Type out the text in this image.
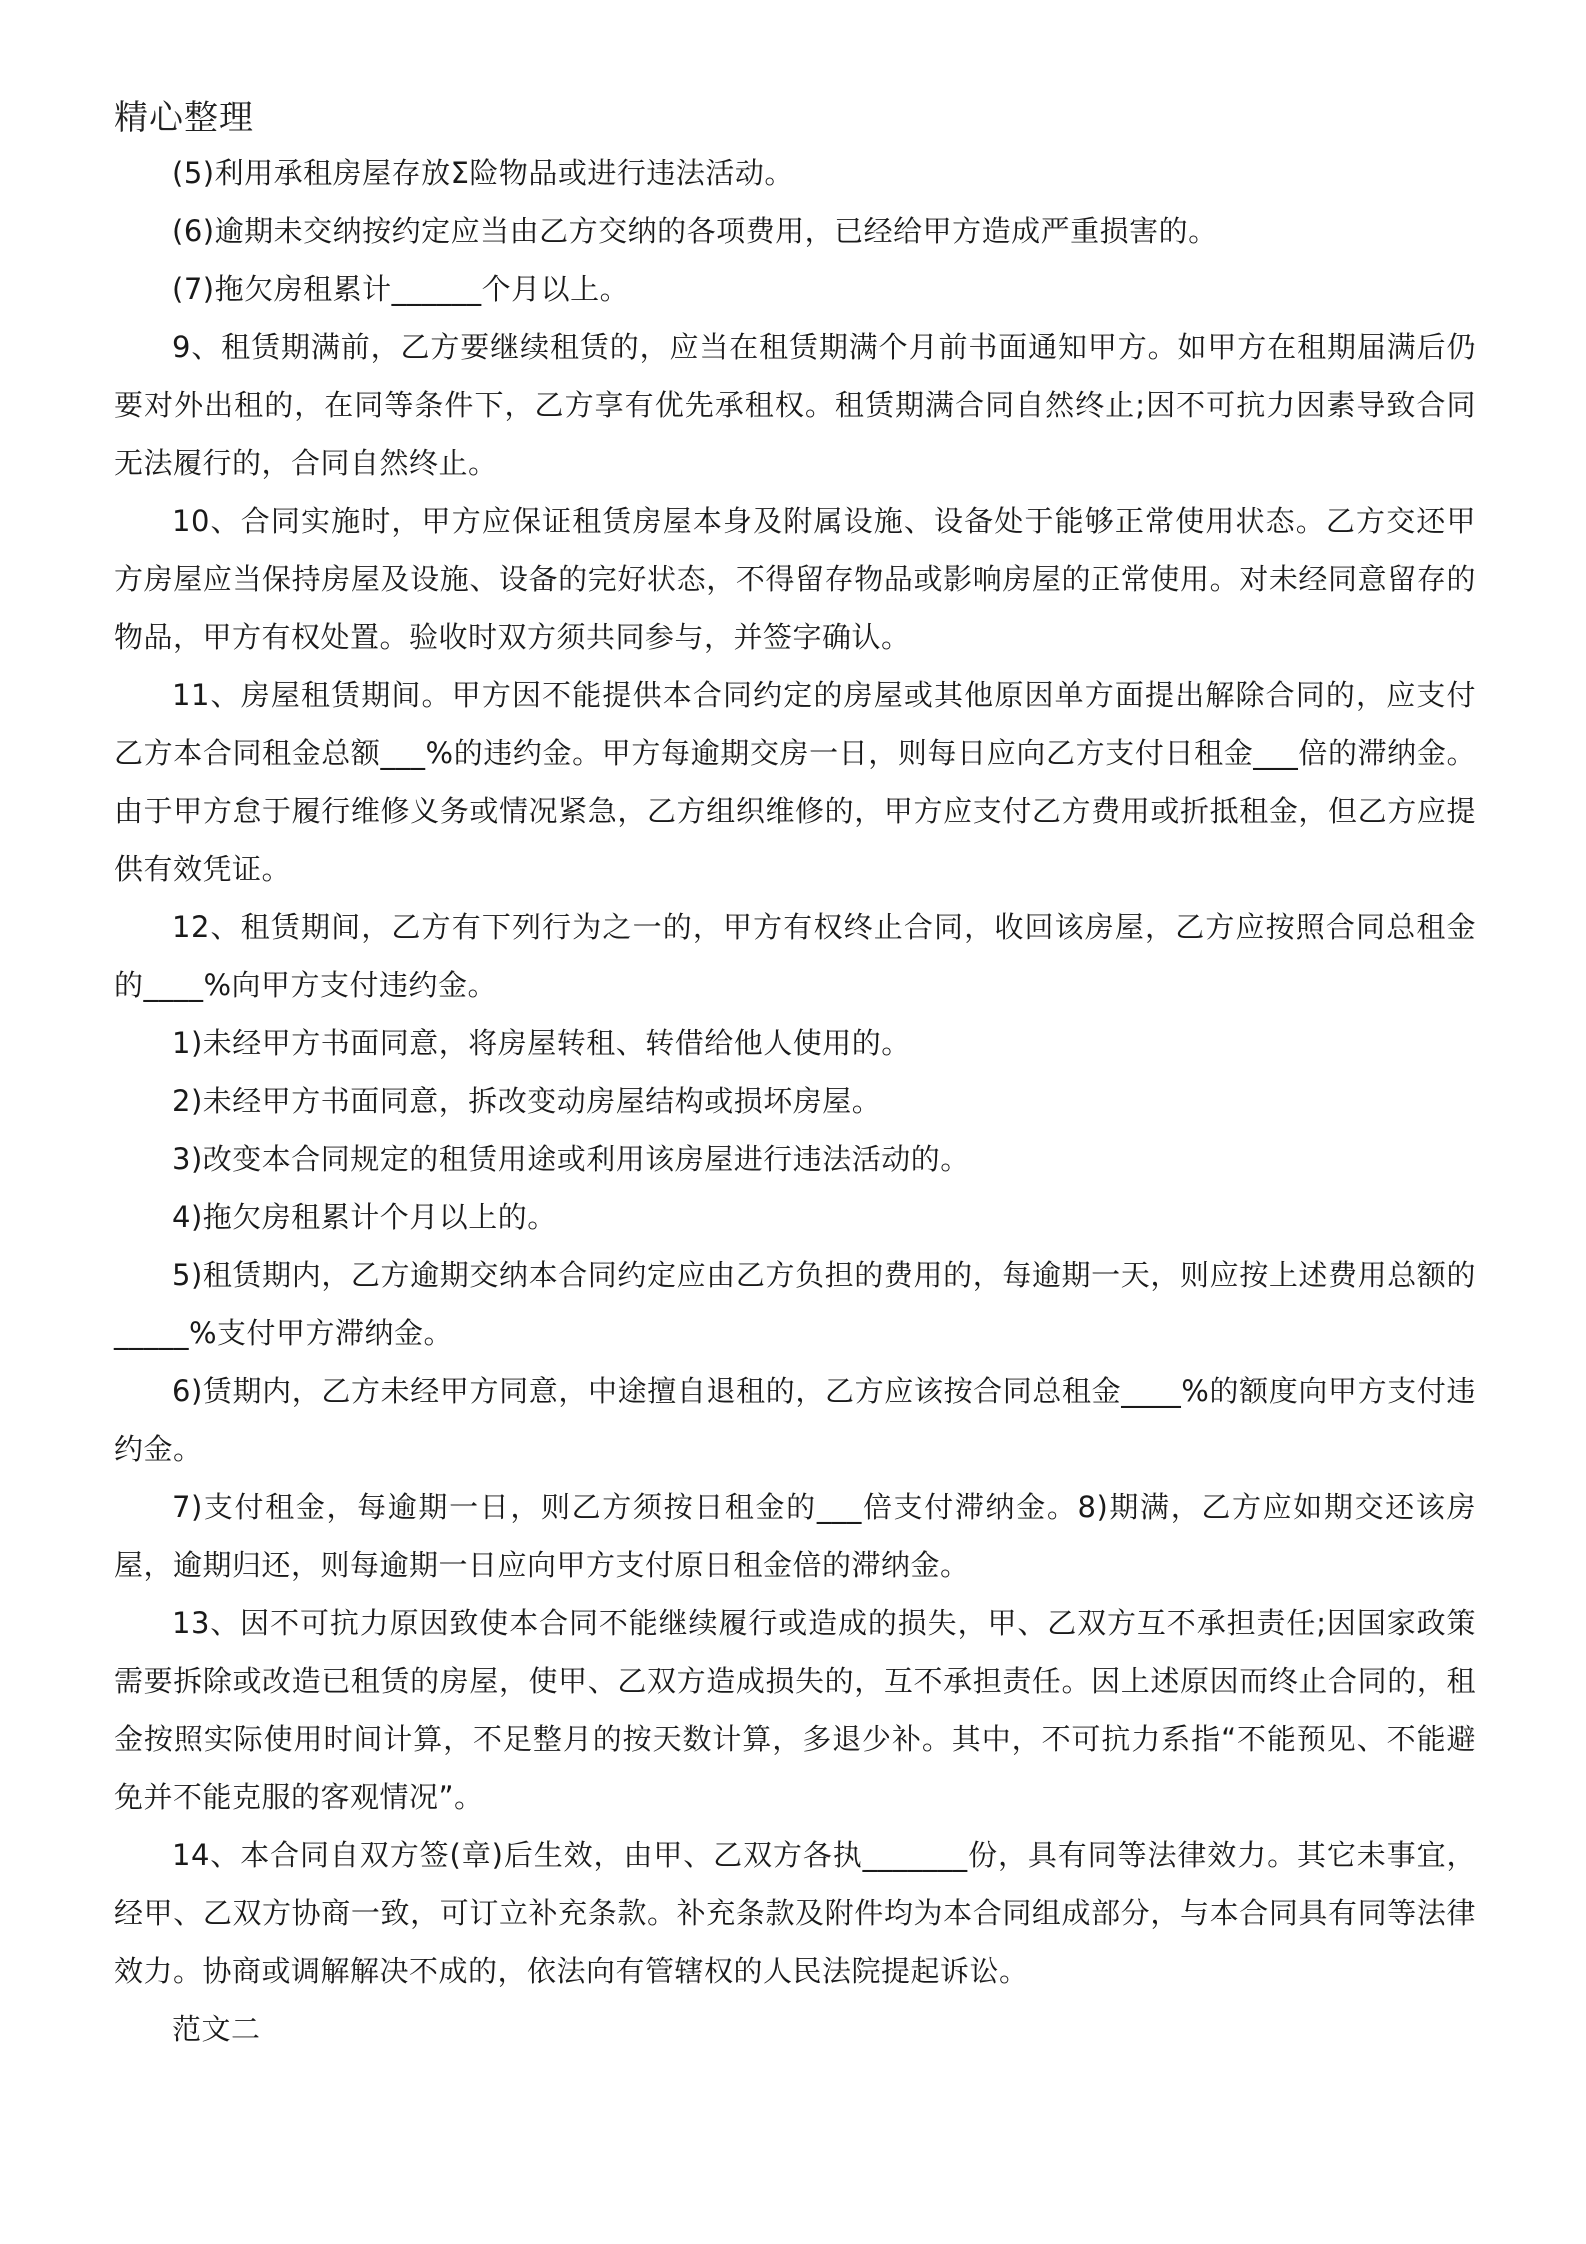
精心整理

(5)利用承租房屋存放Σ险物品或进行违法活动。

(6)逾期未交纳按约定应当由乙方交纳的各项费用，已经给甲方造成严重损害的。

(7)拖欠房租累计______个月以上。

9、租赁期满前，乙方要继续租赁的，应当在租赁期满个月前书面通知甲方。如甲方在租期届满后仍要对外出租的，在同等条件下，乙方享有优先承租权。租赁期满合同自然终止;因不可抗力因素导致合同无法履行的，合同自然终止。

10、合同实施时，甲方应保证租赁房屋本身及附属设施、设备处于能够正常使用状态。乙方交还甲方房屋应当保持房屋及设施、设备的完好状态，不得留存物品或影响房屋的正常使用。对未经同意留存的物品，甲方有权处置。验收时双方须共同参与，并签字确认。

11、房屋租赁期间。甲方因不能提供本合同约定的房屋或其他原因单方面提出解除合同的，应支付乙方本合同租金总额___%的违约金。甲方每逾期交房一日，则每日应向乙方支付日租金___倍的滞纳金。由于甲方怠于履行维修义务或情况紧急，乙方组织维修的，甲方应支付乙方费用或折抵租金，但乙方应提供有效凭证。

12、租赁期间，乙方有下列行为之一的，甲方有权终止合同，收回该房屋，乙方应按照合同总租金的____%向甲方支付违约金。

1)未经甲方书面同意，将房屋转租、转借给他人使用的。

2)未经甲方书面同意，拆改变动房屋结构或损坏房屋。

3)改变本合同规定的租赁用途或利用该房屋进行违法活动的。

4)拖欠房租累计个月以上的。

5)租赁期内，乙方逾期交纳本合同约定应由乙方负担的费用的，每逾期一天，则应按上述费用总额的_____%支付甲方滞纳金。

6)赁期内，乙方未经甲方同意，中途擅自退租的，乙方应该按合同总租金____%的额度向甲方支付违约金。

7)支付租金，每逾期一日，则乙方须按日租金的___倍支付滞纳金。8)期满，乙方应如期交还该房屋，逾期归还，则每逾期一日应向甲方支付原日租金倍的滞纳金。

13、因不可抗力原因致使本合同不能继续履行或造成的损失，甲、乙双方互不承担责任;因国家政策需要拆除或改造已租赁的房屋，使甲、乙双方造成损失的，互不承担责任。因上述原因而终止合同的，租金按照实际使用时间计算，不足整月的按天数计算，多退少补。其中，不可抗力系指“不能预见、不能避免并不能克服的客观情况”。

14、本合同自双方签(章)后生效，由甲、乙双方各执_______份，具有同等法律效力。其它未事宜，经甲、乙双方协商一致，可订立补充条款。补充条款及附件均为本合同组成部分，与本合同具有同等法律效力。协商或调解解决不成的，依法向有管辖权的人民法院提起诉讼。

范文二
